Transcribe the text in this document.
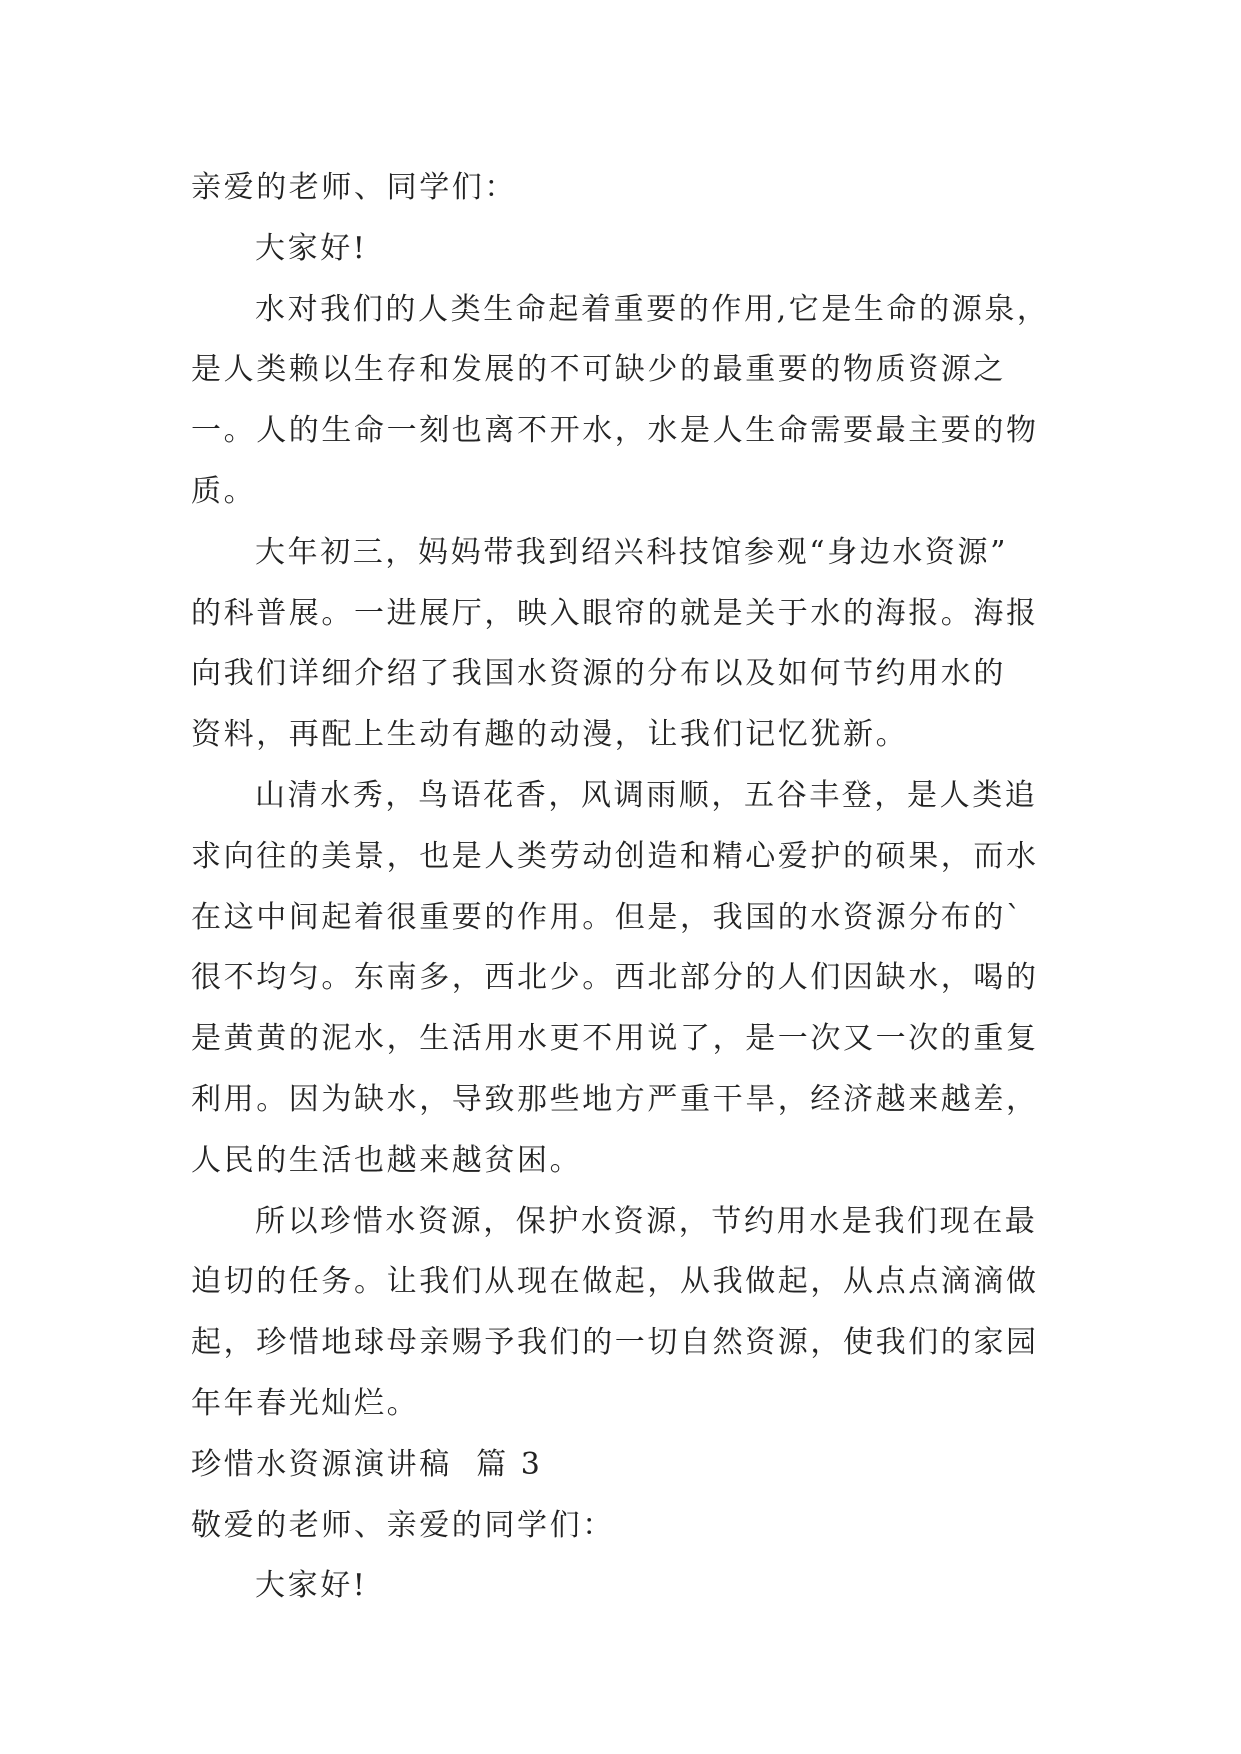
亲爱的老师、同学们：

大家好!

水对我们的人类生命起着重要的作用,它是生命的源泉，

是人类赖以生存和发展的不可缺少的最重要的物质资源之

一。人的生命一刻也离不开水，水是人生命需要最主要的物

质。

大年初三，妈妈带我到绍兴科技馆参观“身边水资源”

的科普展。一进展厅，映入眼帘的就是关于水的海报。海报

向我们详细介绍了我国水资源的分布以及如何节约用水的

资料，再配上生动有趣的动漫，让我们记忆犹新。

山清水秀，鸟语花香，风调雨顺，五谷丰登，是人类追

求向往的美景，也是人类劳动创造和精心爱护的硕果，而水

在这中间起着很重要的作用。但是，我国的水资源分布的`

很不均匀。东南多，西北少。西北部分的人们因缺水，喝的

是黄黄的泥水，生活用水更不用说了，是一次又一次的重复

利用。因为缺水，导致那些地方严重干旱，经济越来越差，

人民的生活也越来越贫困。

所以珍惜水资源，保护水资源，节约用水是我们现在最

迫切的任务。让我们从现在做起，从我做起，从点点滴滴做

起，珍惜地球母亲赐予我们的一切自然资源，使我们的家园

年年春光灿烂。

珍惜水资源演讲稿  篇 3

敬爱的老师、亲爱的同学们：

大家好!
